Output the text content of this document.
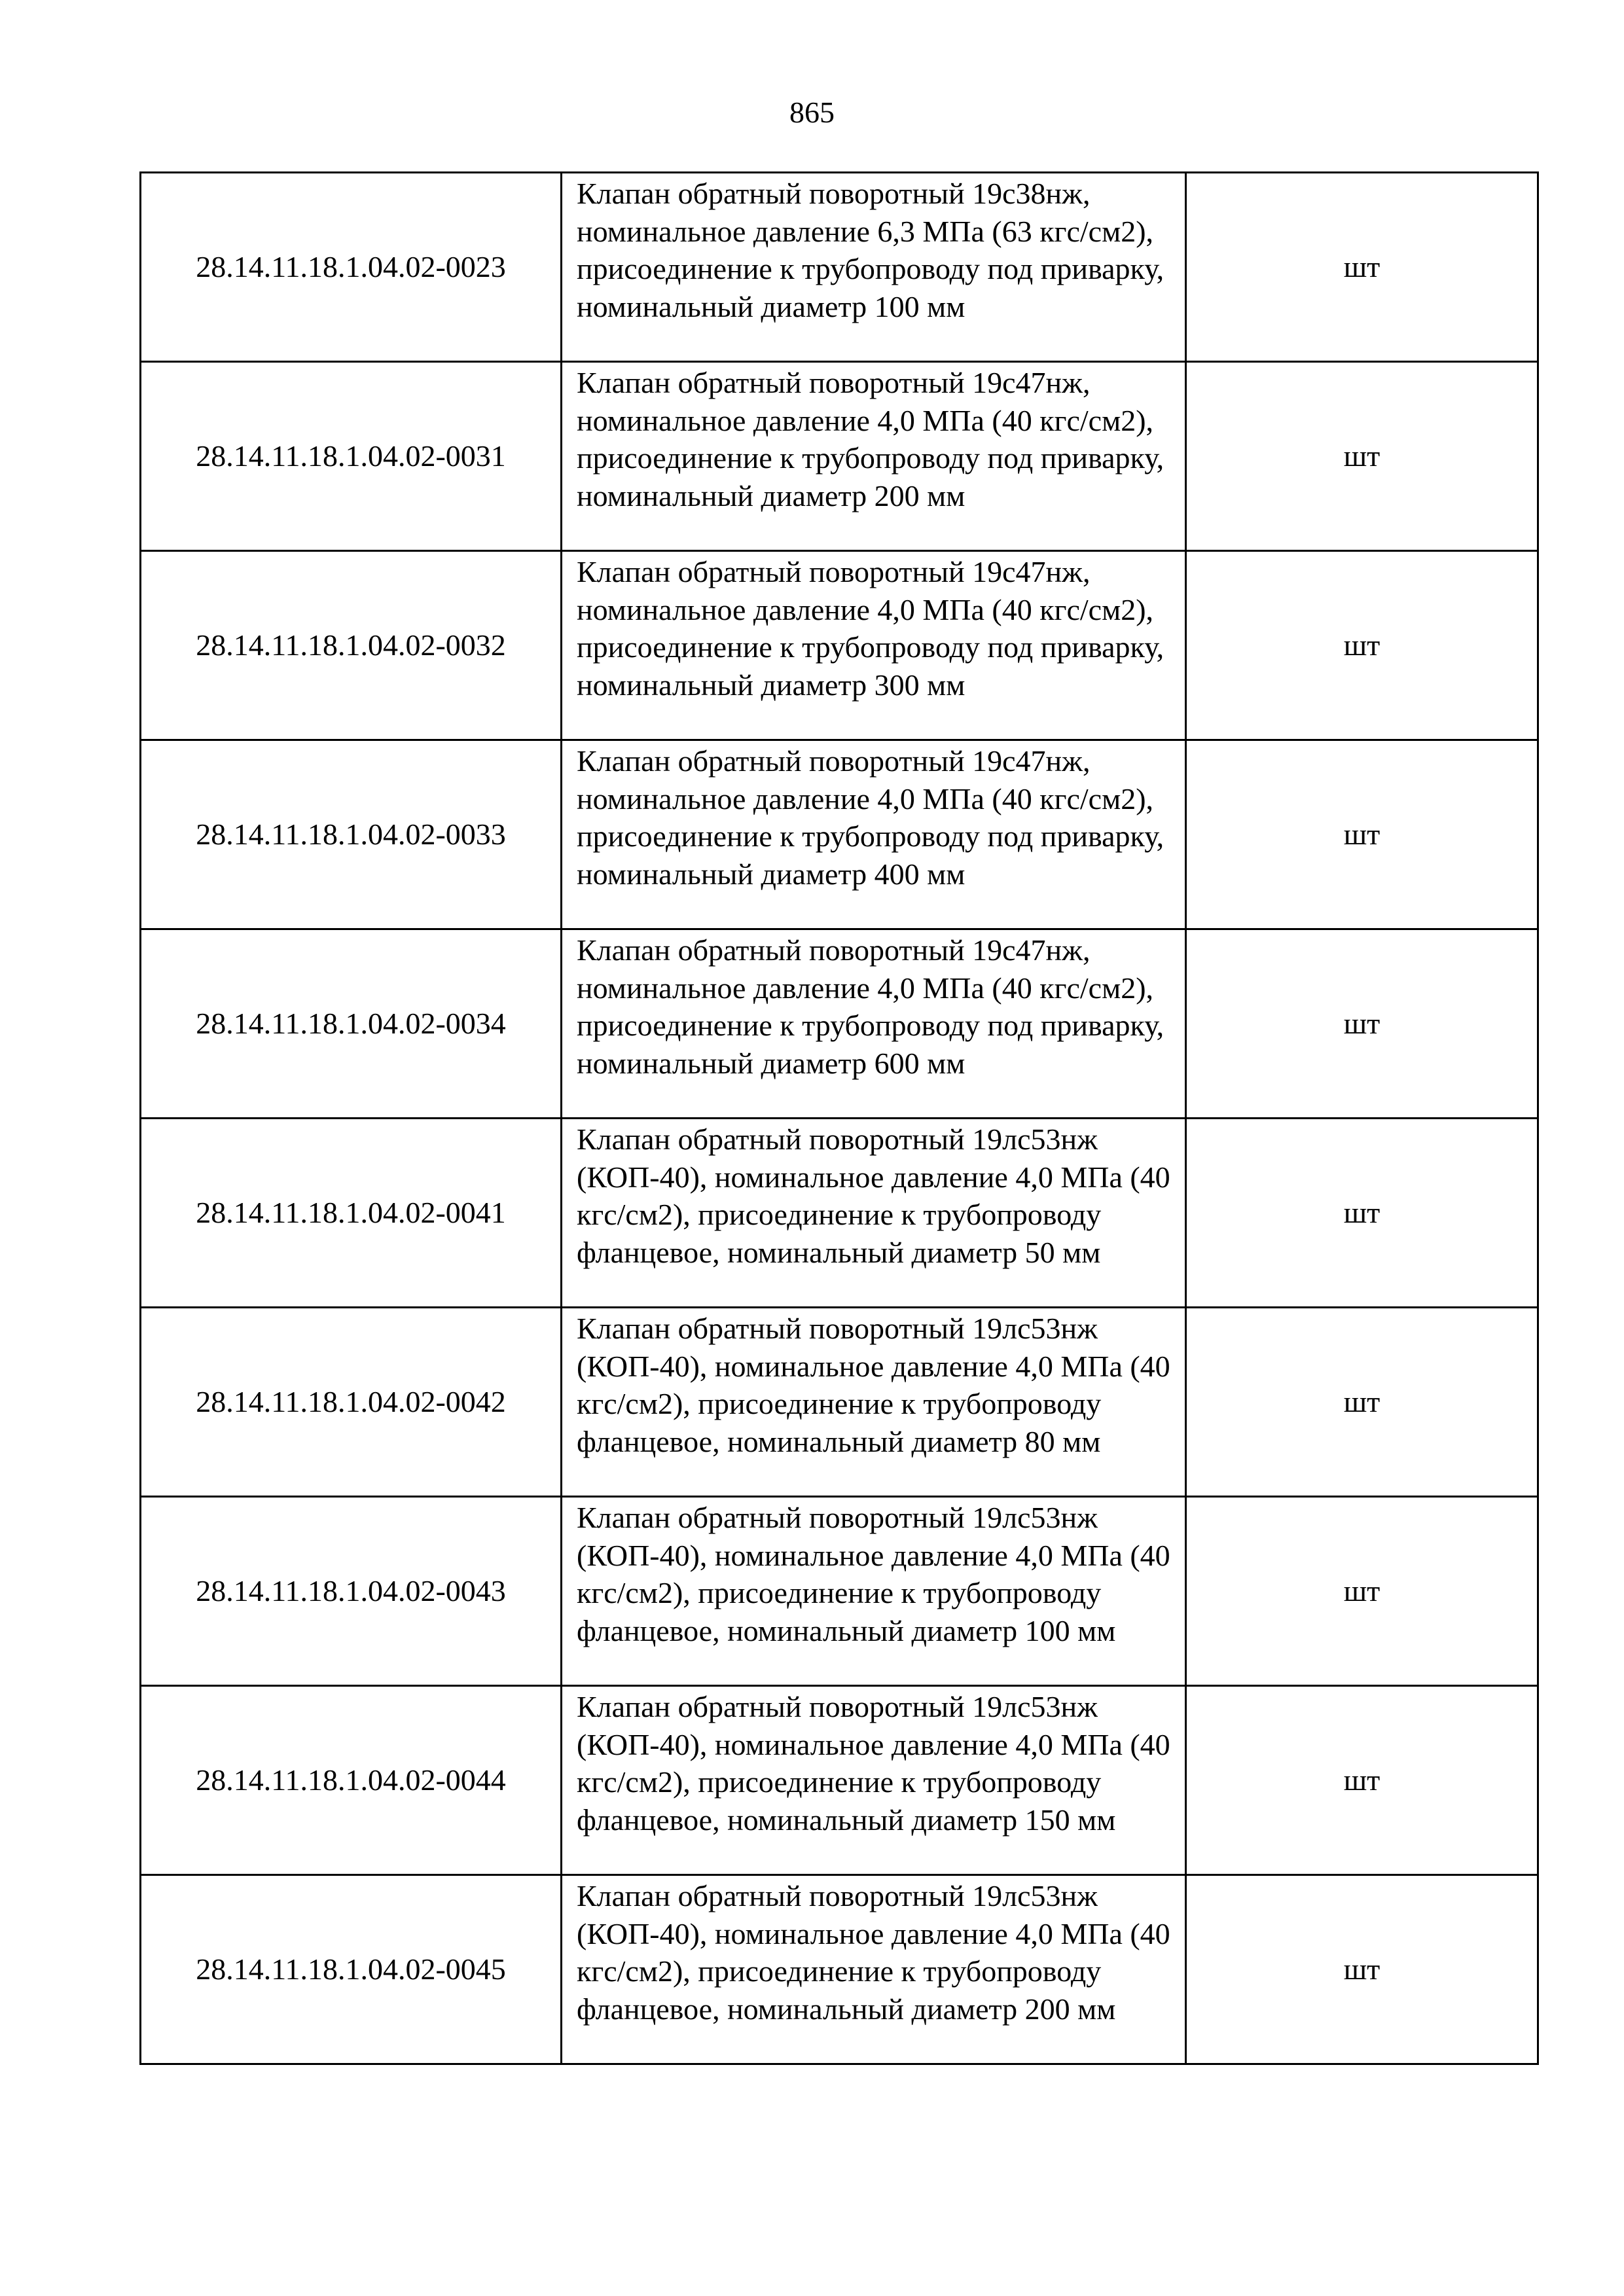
865
28.14.11.18.1.04.02-0023	Клапан обратный поворотный 19с38нж, номинальное давление 6,3 МПа (63 кгс/см2), присоединение к трубопроводу под приварку, номинальный диаметр 100 мм	шт
28.14.11.18.1.04.02-0031	Клапан обратный поворотный 19с47нж, номинальное давление 4,0 МПа (40 кгс/см2), присоединение к трубопроводу под приварку, номинальный диаметр 200 мм	шт
28.14.11.18.1.04.02-0032	Клапан обратный поворотный 19с47нж, номинальное давление 4,0 МПа (40 кгс/см2), присоединение к трубопроводу под приварку, номинальный диаметр 300 мм	шт
28.14.11.18.1.04.02-0033	Клапан обратный поворотный 19с47нж, номинальное давление 4,0 МПа (40 кгс/см2), присоединение к трубопроводу под приварку, номинальный диаметр 400 мм	шт
28.14.11.18.1.04.02-0034	Клапан обратный поворотный 19с47нж, номинальное давление 4,0 МПа (40 кгс/см2), присоединение к трубопроводу под приварку, номинальный диаметр 600 мм	шт
28.14.11.18.1.04.02-0041	Клапан обратный поворотный 19лс53нж (КОП-40), номинальное давление 4,0 МПа (40 кгс/см2), присоединение к трубопроводу фланцевое, номинальный диаметр 50 мм	шт
28.14.11.18.1.04.02-0042	Клапан обратный поворотный 19лс53нж (КОП-40), номинальное давление 4,0 МПа (40 кгс/см2), присоединение к трубопроводу фланцевое, номинальный диаметр 80 мм	шт
28.14.11.18.1.04.02-0043	Клапан обратный поворотный 19лс53нж (КОП-40), номинальное давление 4,0 МПа (40 кгс/см2), присоединение к трубопроводу фланцевое, номинальный диаметр 100 мм	шт
28.14.11.18.1.04.02-0044	Клапан обратный поворотный 19лс53нж (КОП-40), номинальное давление 4,0 МПа (40 кгс/см2), присоединение к трубопроводу фланцевое, номинальный диаметр 150 мм	шт
28.14.11.18.1.04.02-0045	Клапан обратный поворотный 19лс53нж (КОП-40), номинальное давление 4,0 МПа (40 кгс/см2), присоединение к трубопроводу фланцевое, номинальный диаметр 200 мм	шт
